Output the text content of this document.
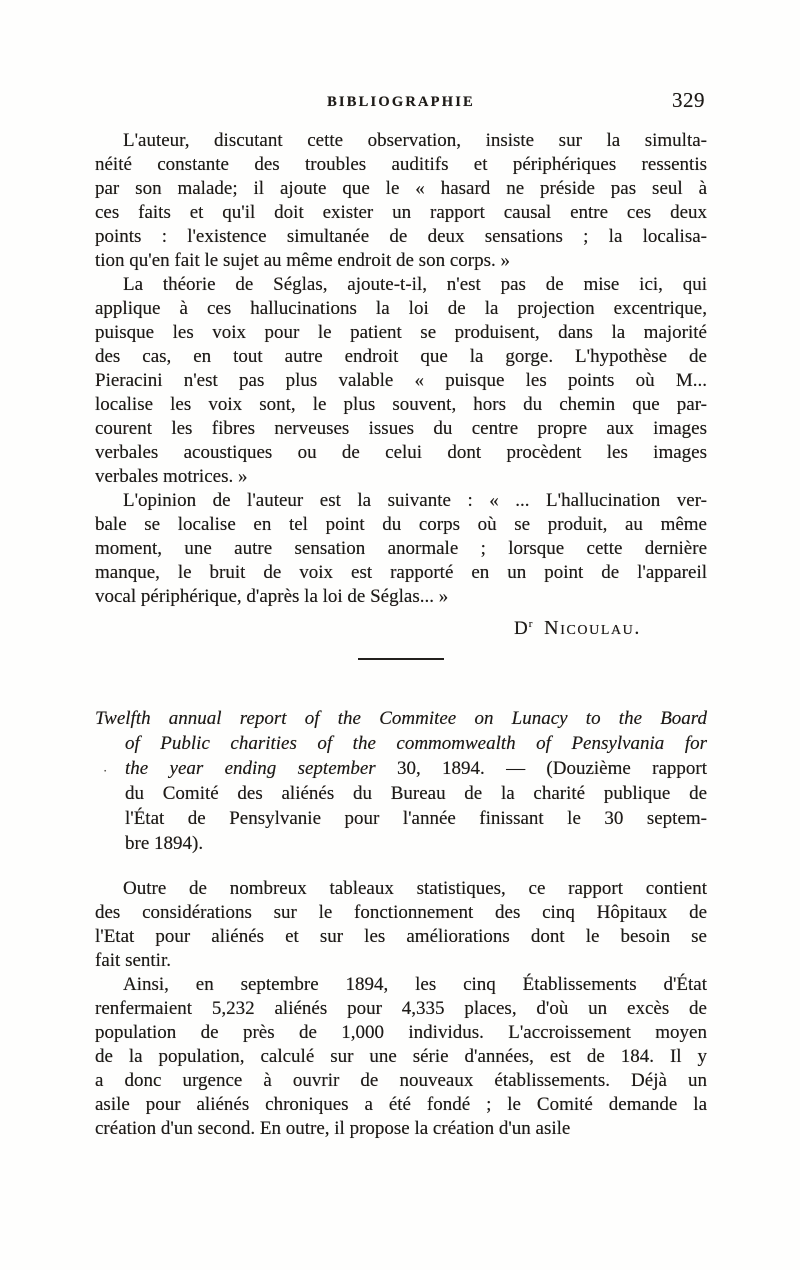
BIBLIOGRAPHIE	329
L'auteur, discutant cette observation, insiste sur la simulta-
néité constante des troubles auditifs et périphériques ressentis
par son malade; il ajoute que le « hasard ne préside pas seul à
ces faits et qu'il doit exister un rapport causal entre ces deux
points : l'existence simultanée de deux sensations ; la localisa-
tion qu'en fait le sujet au même endroit de son corps. »
La théorie de Séglas, ajoute-t-il, n'est pas de mise ici, qui
applique à ces hallucinations la loi de la projection excentrique,
puisque les voix pour le patient se produisent, dans la majorité
des cas, en tout autre endroit que la gorge. L'hypothèse de
Pieracini n'est pas plus valable « puisque les points où M...
localise les voix sont, le plus souvent, hors du chemin que par-
courent les fibres nerveuses issues du centre propre aux images
verbales acoustiques ou de celui dont procèdent les images
verbales motrices. »
L'opinion de l'auteur est la suivante : « ... L'hallucination ver-
bale se localise en tel point du corps où se produit, au même
moment, une autre sensation anormale ; lorsque cette dernière
manque, le bruit de voix est rapporté en un point de l'appareil
vocal périphérique, d'après la loi de Séglas... »
$D^r$ Nicoulau.
Twelfth annual report of the Commitee on Lunacy to the Board
of Public charities of the commomwealth of Pensylvania for
· the year ending september 30, 1894. — (Douzième rapport
du Comité des aliénés du Bureau de la charité publique de
l'État de Pensylvanie pour l'année finissant le 30 septem-
bre 1894).
Outre de nombreux tableaux statistiques, ce rapport contient
des considérations sur le fonctionnement des cinq Hôpitaux de
l'Etat pour aliénés et sur les améliorations dont le besoin se
fait sentir.
Ainsi, en septembre 1894, les cinq Établissements d'État
renfermaient 5,232 aliénés pour 4,335 places, d'où un excès de
population de près de 1,000 individus. L'accroissement moyen
de la population, calculé sur une série d'années, est de 184. Il y
a donc urgence à ouvrir de nouveaux établissements. Déjà un
asile pour aliénés chroniques a été fondé ; le Comité demande la
création d'un second. En outre, il propose la création d'un asile
